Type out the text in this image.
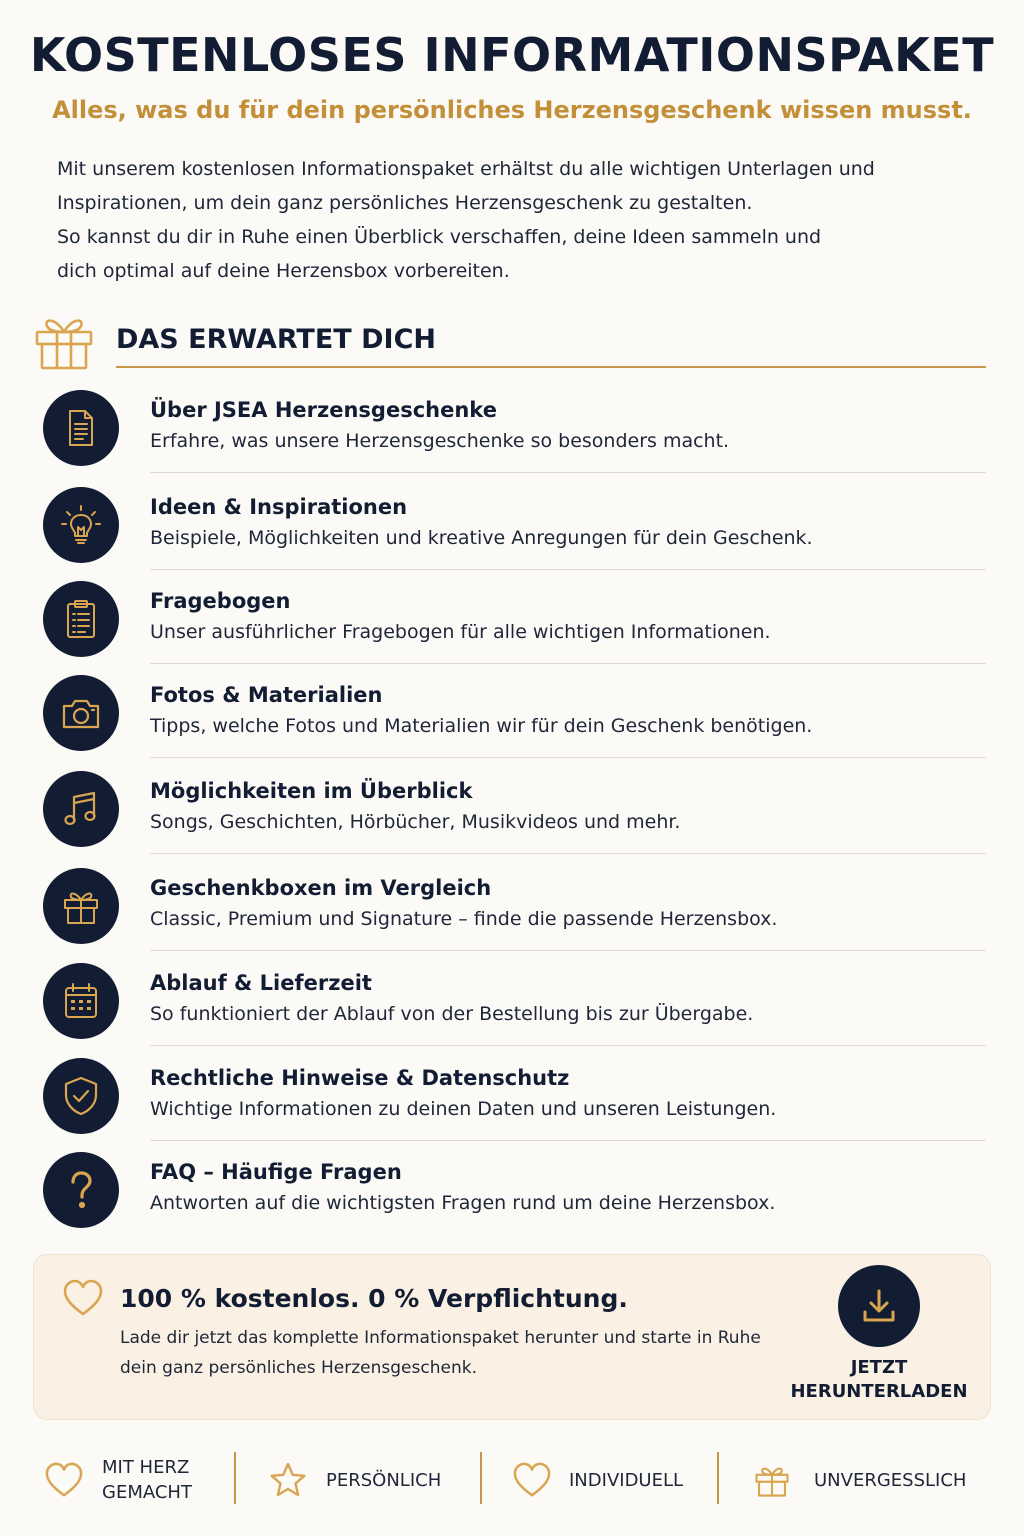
KOSTENLOSES INFORMATIONSPAKET
Alles, was du für dein persönliches Herzensgeschenk wissen musst.

Mit unserem kostenlosen Informationspaket erhältst du alle wichtigen Unterlagen und

Inspirationen, um dein ganz persönliches Herzensgeschenk zu gestalten.

So kannst du dir in Ruhe einen Überblick verschaffen, deine Ideen sammeln und

dich optimal auf deine Herzensbox vorbereiten.

DAS ERWARTET DICH
Über JSEA Herzensgeschenke
Erfahre, was unsere Herzensgeschenke so besonders macht.
Ideen & Inspirationen
Beispiele, Möglichkeiten und kreative Anregungen für dein Geschenk.
Fragebogen
Unser ausführlicher Fragebogen für alle wichtigen Informationen.
Fotos & Materialien
Tipps, welche Fotos und Materialien wir für dein Geschenk benötigen.
Möglichkeiten im Überblick
Songs, Geschichten, Hörbücher, Musikvideos und mehr.
Geschenkboxen im Vergleich
Classic, Premium und Signature – finde die passende Herzensbox.
Ablauf & Lieferzeit
So funktioniert der Ablauf von der Bestellung bis zur Übergabe.
Rechtliche Hinweise & Datenschutz
Wichtige Informationen zu deinen Daten und unseren Leistungen.
FAQ – Häufige Fragen
Antworten auf die wichtigsten Fragen rund um deine Herzensbox.
100 % kostenlos. 0 % Verpflichtung.

Lade dir jetzt das komplette Informationspaket herunter und starte in Ruhe

dein ganz persönliches Herzensgeschenk.	JETZT
HERUNTERLADEN
MIT HERZ
GEMACHT
PERSÖNLICH	INDIVIDUELL	UNVERGESSLICH
